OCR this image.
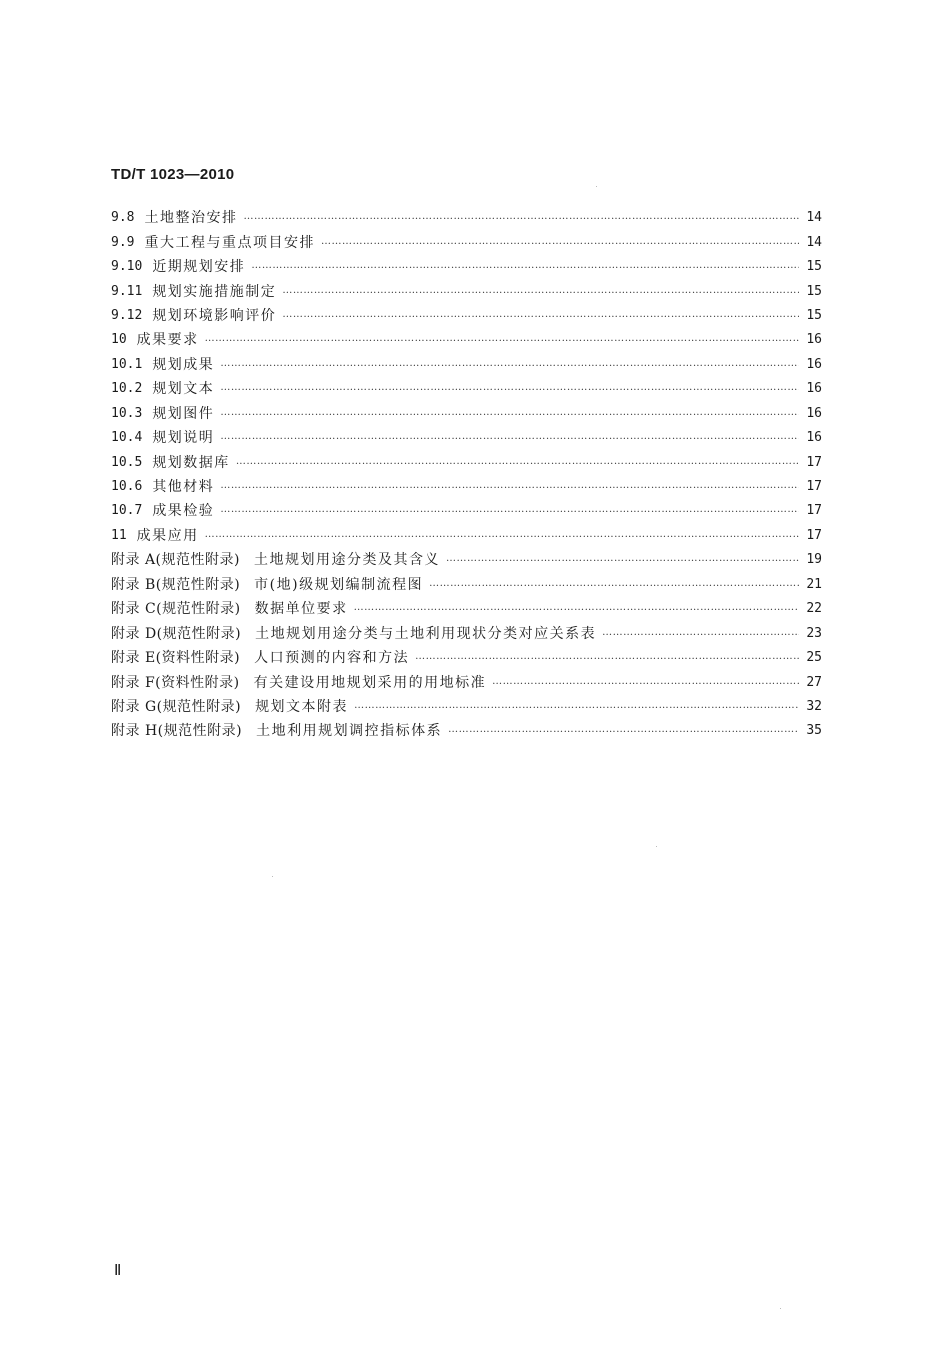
TD/T 1023—2010

9.8 土地整治安排 ……………………………………………………………………………………………………………………………………………………………………………………………………………………………	14
9.9 重大工程与重点项目安排 ……………………………………………………………………………………………………………………………………………………………………………………………………………………………	14
9.10 近期规划安排 ……………………………………………………………………………………………………………………………………………………………………………………………………………………………	15
9.11 规划实施措施制定 ……………………………………………………………………………………………………………………………………………………………………………………………………………………………	15
9.12 规划环境影响评价 ……………………………………………………………………………………………………………………………………………………………………………………………………………………………	15
10 成果要求 ……………………………………………………………………………………………………………………………………………………………………………………………………………………………	16
10.1 规划成果 ……………………………………………………………………………………………………………………………………………………………………………………………………………………………	16
10.2 规划文本 ……………………………………………………………………………………………………………………………………………………………………………………………………………………………	16
10.3 规划图件 ……………………………………………………………………………………………………………………………………………………………………………………………………………………………	16
10.4 规划说明 ……………………………………………………………………………………………………………………………………………………………………………………………………………………………	16
10.5 规划数据库 ……………………………………………………………………………………………………………………………………………………………………………………………………………………………	17
10.6 其他材料 ……………………………………………………………………………………………………………………………………………………………………………………………………………………………	17
10.7 成果检验 ……………………………………………………………………………………………………………………………………………………………………………………………………………………………	17
11 成果应用 ……………………………………………………………………………………………………………………………………………………………………………………………………………………………	17
附录 A(规范性附录) 土地规划用途分类及其含义 ……………………………………………………………………………………………………………………………………………………………………………………………………………………………	19
附录 B(规范性附录) 市(地)级规划编制流程图 ……………………………………………………………………………………………………………………………………………………………………………………………………………………………	21
附录 C(规范性附录) 数据单位要求 ……………………………………………………………………………………………………………………………………………………………………………………………………………………………	22
附录 D(规范性附录) 土地规划用途分类与土地利用现状分类对应关系表 ……………………………………………………………………………………………………………………………………………………………………………………………………………………………	23
附录 E(资料性附录) 人口预测的内容和方法 ……………………………………………………………………………………………………………………………………………………………………………………………………………………………	25
附录 F(资料性附录) 有关建设用地规划采用的用地标准 ……………………………………………………………………………………………………………………………………………………………………………………………………………………………	27
附录 G(规范性附录) 规划文本附表 ……………………………………………………………………………………………………………………………………………………………………………………………………………………………	32
附录 H(规范性附录) 土地利用规划调控指标体系 ……………………………………………………………………………………………………………………………………………………………………………………………………………………………	35

Ⅱ
